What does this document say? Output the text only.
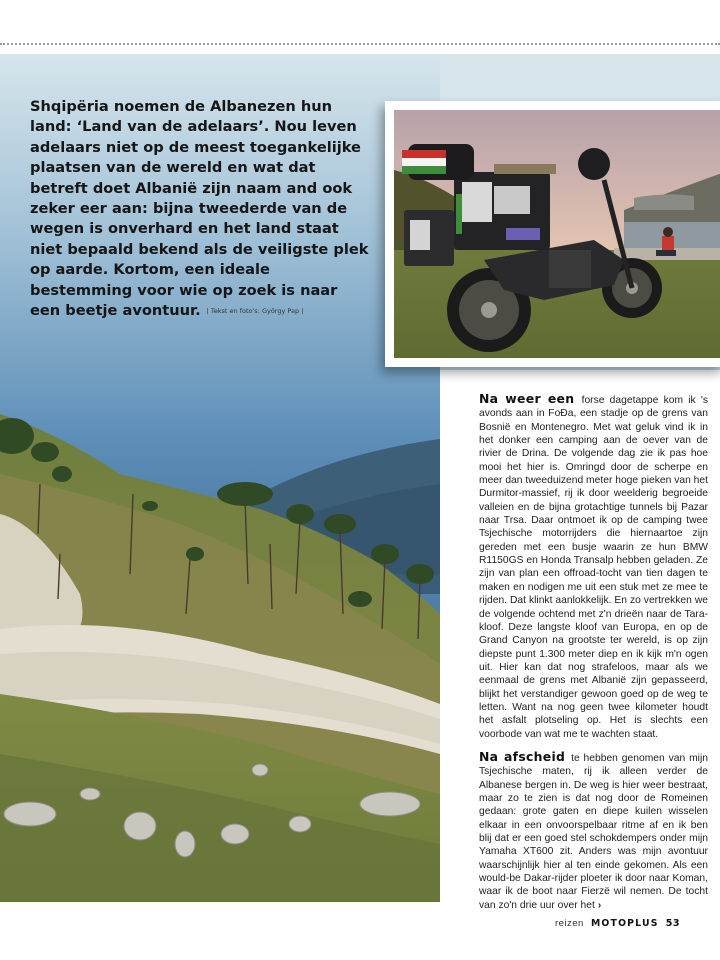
Shqipëria noemen de Albanezen hun land: ‘Land van de adelaars’. Nou leven adelaars niet op de meest toegankelijke plaatsen van de wereld en wat dat betreft doet Albanië zijn naam and ook zeker eer aan: bijna tweederde van de wegen is onverhard en het land staat niet bepaald bekend als de veiligste plek op aarde. Kortom, een ideale bestemming voor wie op zoek is naar een beetje avontuur. | Tekst en foto's: György Pap |

Na weer een forse dagetappe kom ik 's avonds aan in FoĐa, een stadje op de grens van Bosnië en Montenegro. Met wat geluk vind ik in het donker een camping aan de oever van de rivier de Drina. De volgende dag zie ik pas hoe mooi het hier is. Omringd door de scherpe en meer dan tweeduizend meter hoge pieken van het Durmitor-massief, rij ik door weelderig begroeide valleien en de bijna grotachtige tunnels bij Pazar naar Trsa. Daar ontmoet ik op de camping twee Tsjechische motorrijders die hiernaartoe zijn gereden met een busje waarin ze hun BMW R1150GS en Honda Transalp hebben geladen. Ze zijn van plan een offroad-tocht van tien dagen te maken en nodigen me uit een stuk met ze mee te rijden. Dat klinkt aanlokkelijk. En zo vertrekken we de volgende ochtend met z'n drieën naar de Tara-kloof. Deze langste kloof van Europa, en op de Grand Canyon na grootste ter wereld, is op zijn diepste punt 1.300 meter diep en ik kijk m'n ogen uit. Hier kan dat nog strafeloos, maar als we eenmaal de grens met Albanië zijn gepasseerd, blijkt het verstandiger gewoon goed op de weg te letten. Want na nog geen twee kilometer houdt het asfalt plotseling op. Het is slechts een voorbode van wat me te wachten staat.

Na afscheid te hebben genomen van mijn Tsjechische maten, rij ik alleen verder de Albanese bergen in. De weg is hier weer bestraat, maar zo te zien is dat nog door de Romeinen gedaan: grote gaten en diepe kuilen wisselen elkaar in een onvoorspelbaar ritme af en ik ben blij dat er een goed stel schokdempers onder mijn Yamaha XT600 zit. Anders was mijn avontuur waarschijnlijk hier al ten einde gekomen. Als een would-be Dakar-rijder ploeter ik door naar Koman, waar ik de boot naar Fierzë wil nemen. De tocht van zo'n drie uur over het ›

reizen MOTOPLUS 53
